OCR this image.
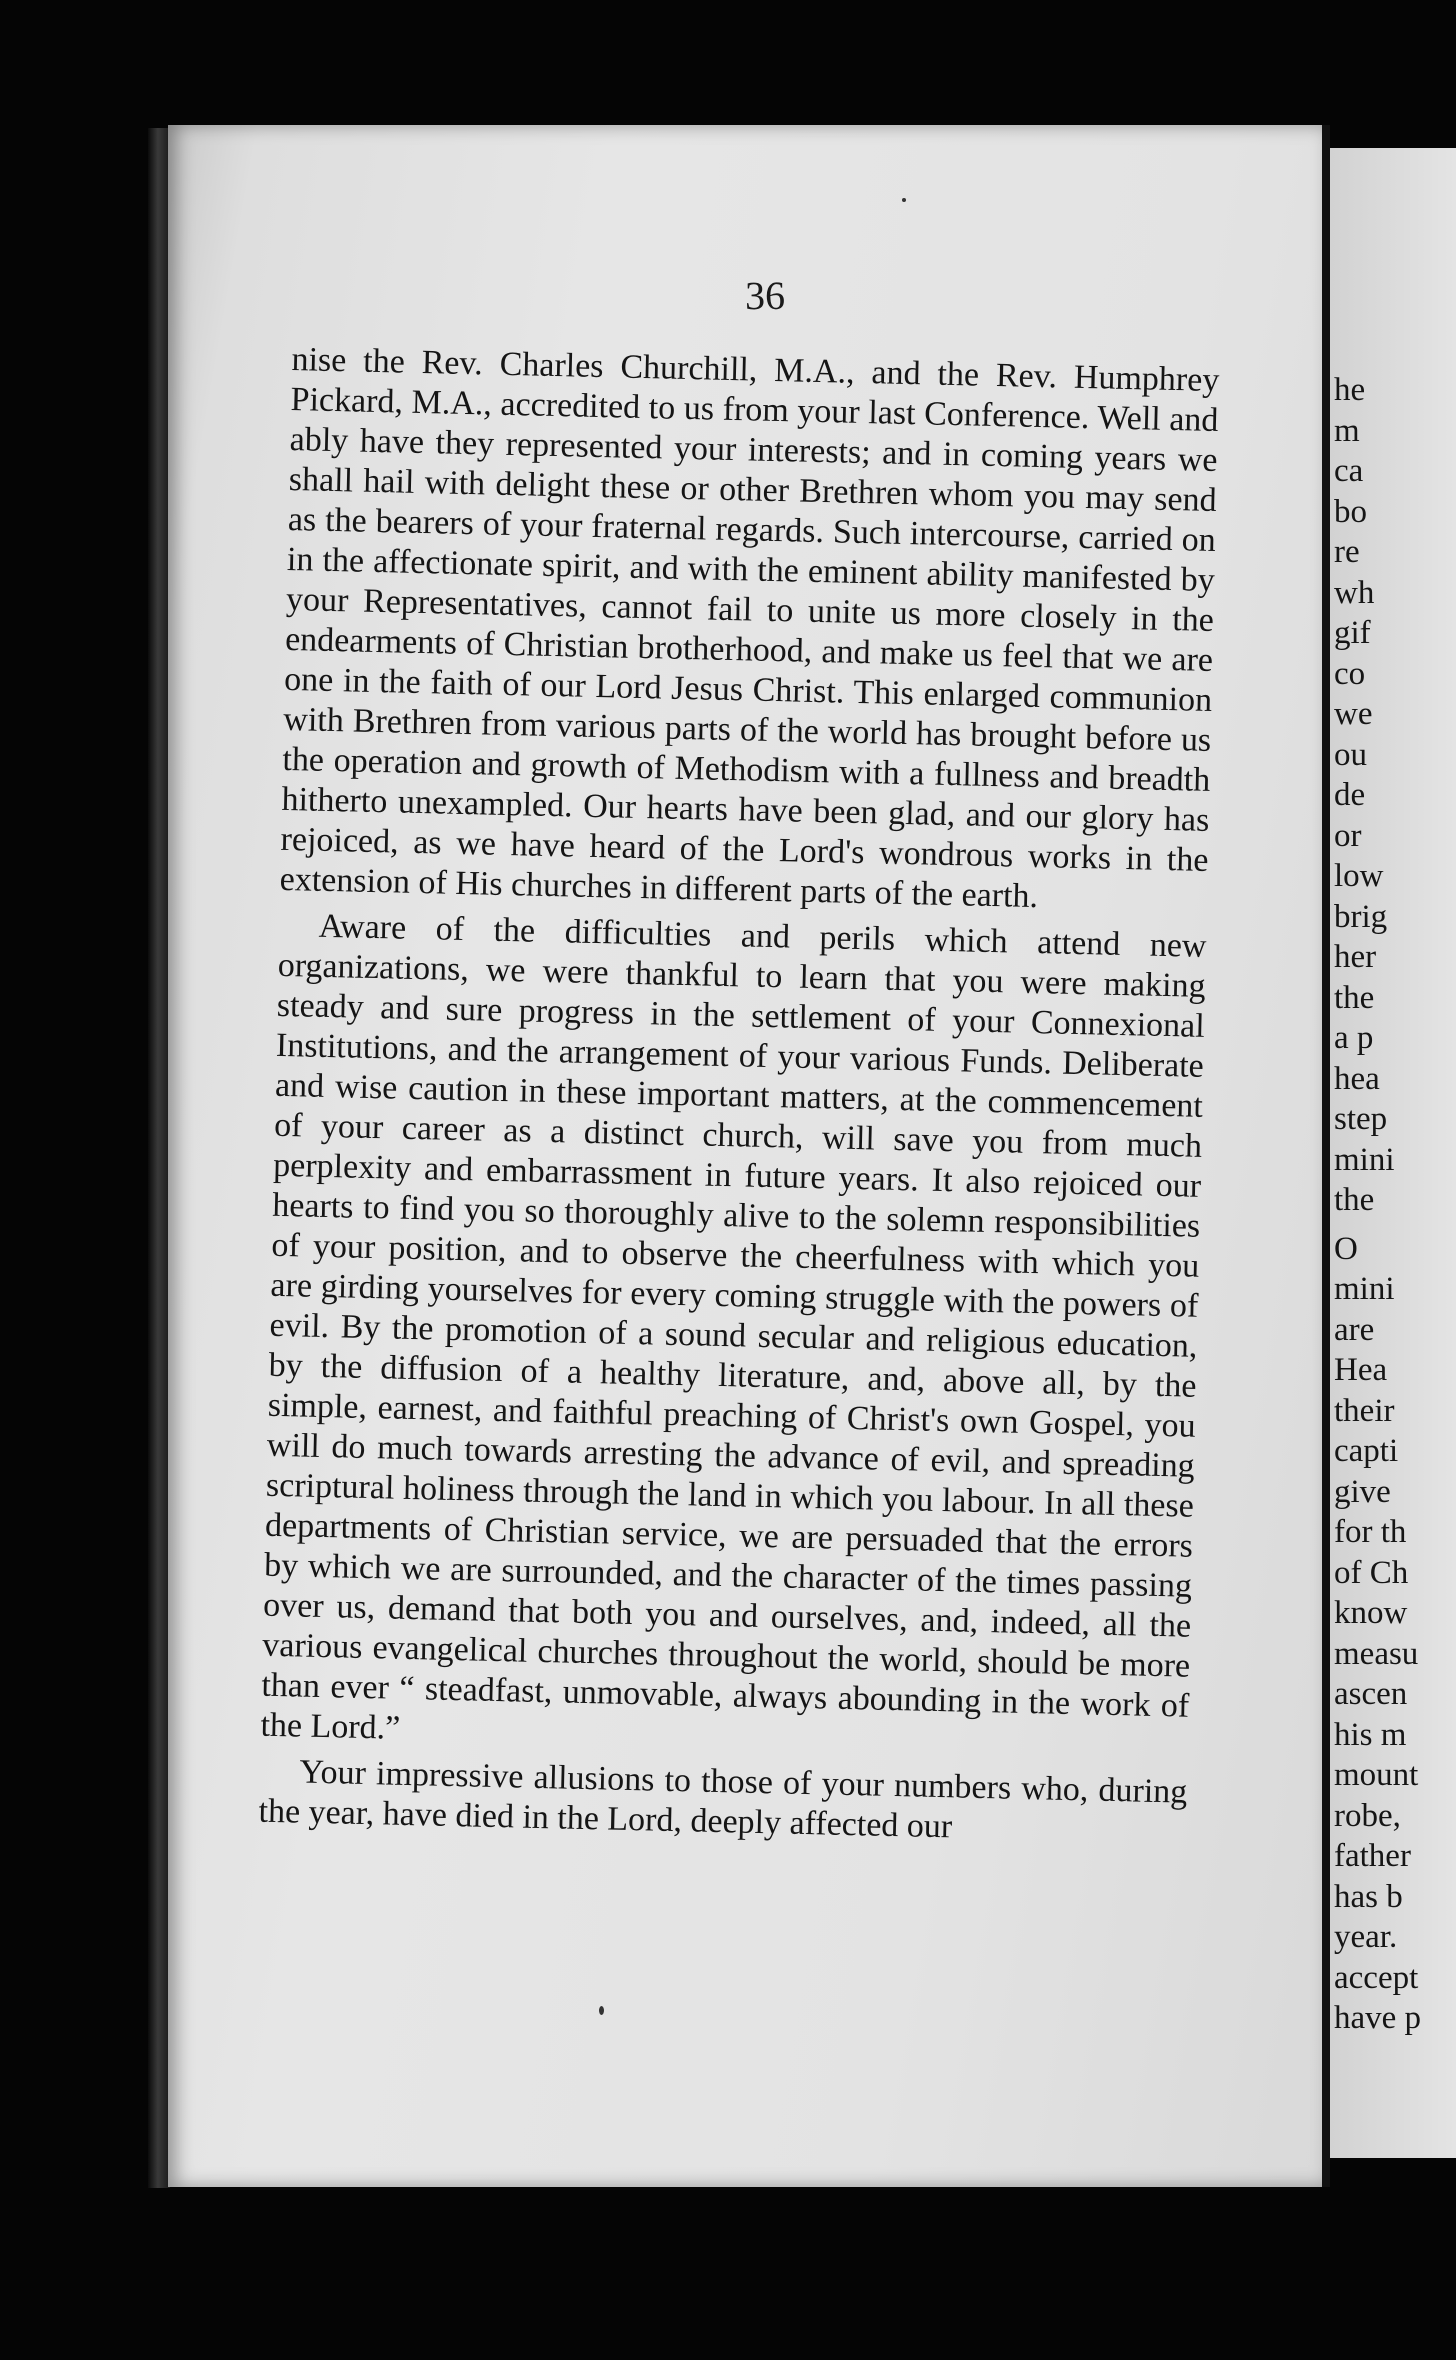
36

nise the Rev. Charles Churchill, M.A., and the Rev. Humphrey Pickard, M.A., accredited to us from your last Conference. Well and ably have they represented your interests; and in coming years we shall hail with delight these or other Brethren whom you may send as the bearers of your fraternal regards. Such intercourse, carried on in the affectionate spirit, and with the eminent ability manifested by your Representatives, cannot fail to unite us more closely in the endearments of Christian brotherhood, and make us feel that we are one in the faith of our Lord Jesus Christ. This enlarged communion with Brethren from various parts of the world has brought before us the operation and growth of Methodism with a fullness and breadth hitherto unexampled. Our hearts have been glad, and our glory has rejoiced, as we have heard of the Lord's wondrous works in the extension of His churches in different parts of the earth.

Aware of the difficulties and perils which attend new organizations, we were thankful to learn that you were making steady and sure progress in the settlement of your Connexional Institutions, and the arrangement of your various Funds. Deliberate and wise caution in these important matters, at the commencement of your career as a distinct church, will save you from much perplexity and embarrassment in future years. It also rejoiced our hearts to find you so thoroughly alive to the solemn responsibilities of your position, and to observe the cheerfulness with which you are girding yourselves for every coming struggle with the powers of evil. By the promotion of a sound secular and religious education, by the diffusion of a healthy literature, and, above all, by the simple, earnest, and faithful preaching of Christ's own Gospel, you will do much towards arresting the advance of evil, and spreading scriptural holiness through the land in which you labour. In all these departments of Christian service, we are persuaded that the errors by which we are surrounded, and the character of the times passing over us, demand that both you and ourselves, and, indeed, all the various evangelical churches throughout the world, should be more than ever “ steadfast, unmovable, always abounding in the work of the Lord.”

Your impressive allusions to those of your numbers who, during the year, have died in the Lord, deeply affected our

he
m
ca
bo
re
wh
gif
co
we
ou
de
or
low
brig
her
the
a p
hea
step
mini
the
O
mini
are
Hea
their
capti
give
for th
of Ch
know
measu
ascen
his m
mount
robe,
father
has b
year.
accept
have p
